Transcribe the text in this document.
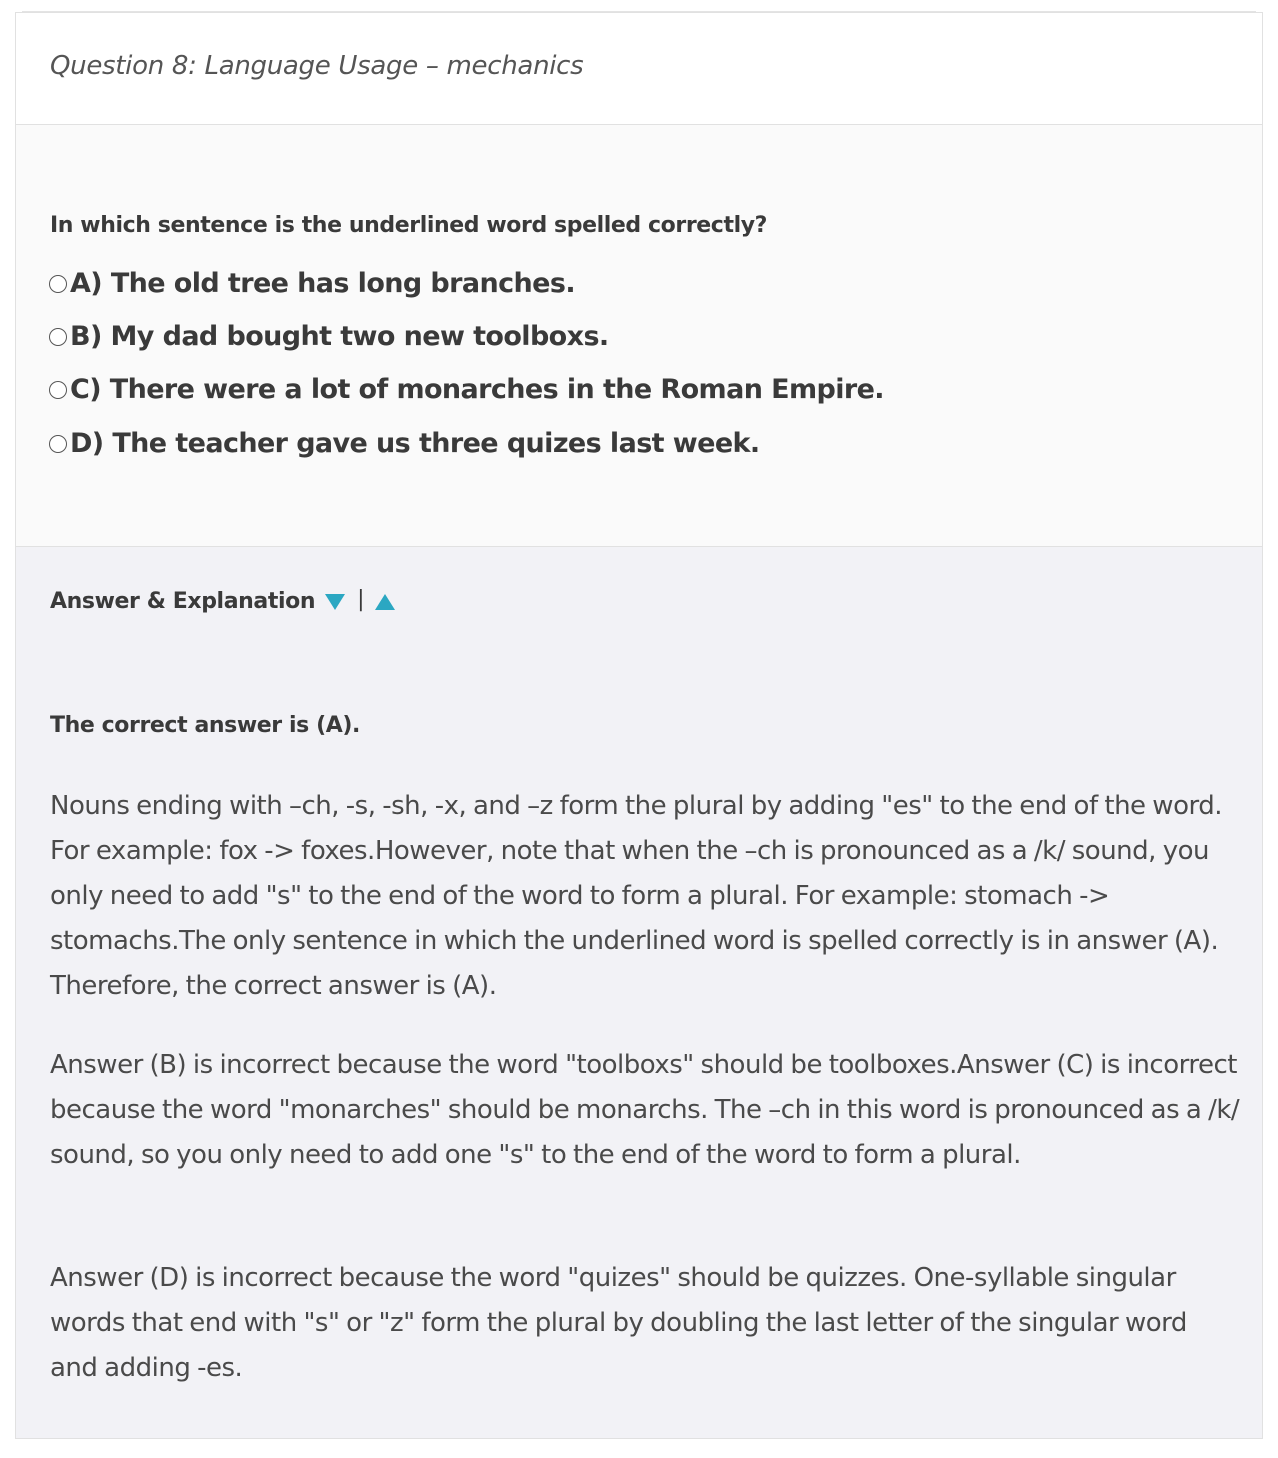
Question 8: Language Usage – mechanics
In which sentence is the underlined word spelled correctly?
A) The old tree has long branches.
B) My dad bought two new toolboxs.
C) There were a lot of monarches in the Roman Empire.
D) The teacher gave us three quizes last week.
Answer & Explanation |
The correct answer is (A).
Nouns ending with –ch, -s, -sh, -x, and –z form the plural by adding "es" to the end of the word. For example: fox -> foxes.However, note that when the –ch is pronounced as a /k/ sound, you only need to add "s" to the end of the word to form a plural. For example: stomach -> stomachs.The only sentence in which the underlined word is spelled correctly is in answer (A). Therefore, the correct answer is (A).
Answer (B) is incorrect because the word "toolboxs" should be toolboxes.Answer (C) is incorrect because the word "monarches" should be monarchs. The –ch in this word is pronounced as a /k/ sound, so you only need to add one "s" to the end of the word to form a plural.
Answer (D) is incorrect because the word "quizes" should be quizzes. One-syllable singular words that end with "s" or "z" form the plural by doubling the last letter of the singular word and adding -es.
